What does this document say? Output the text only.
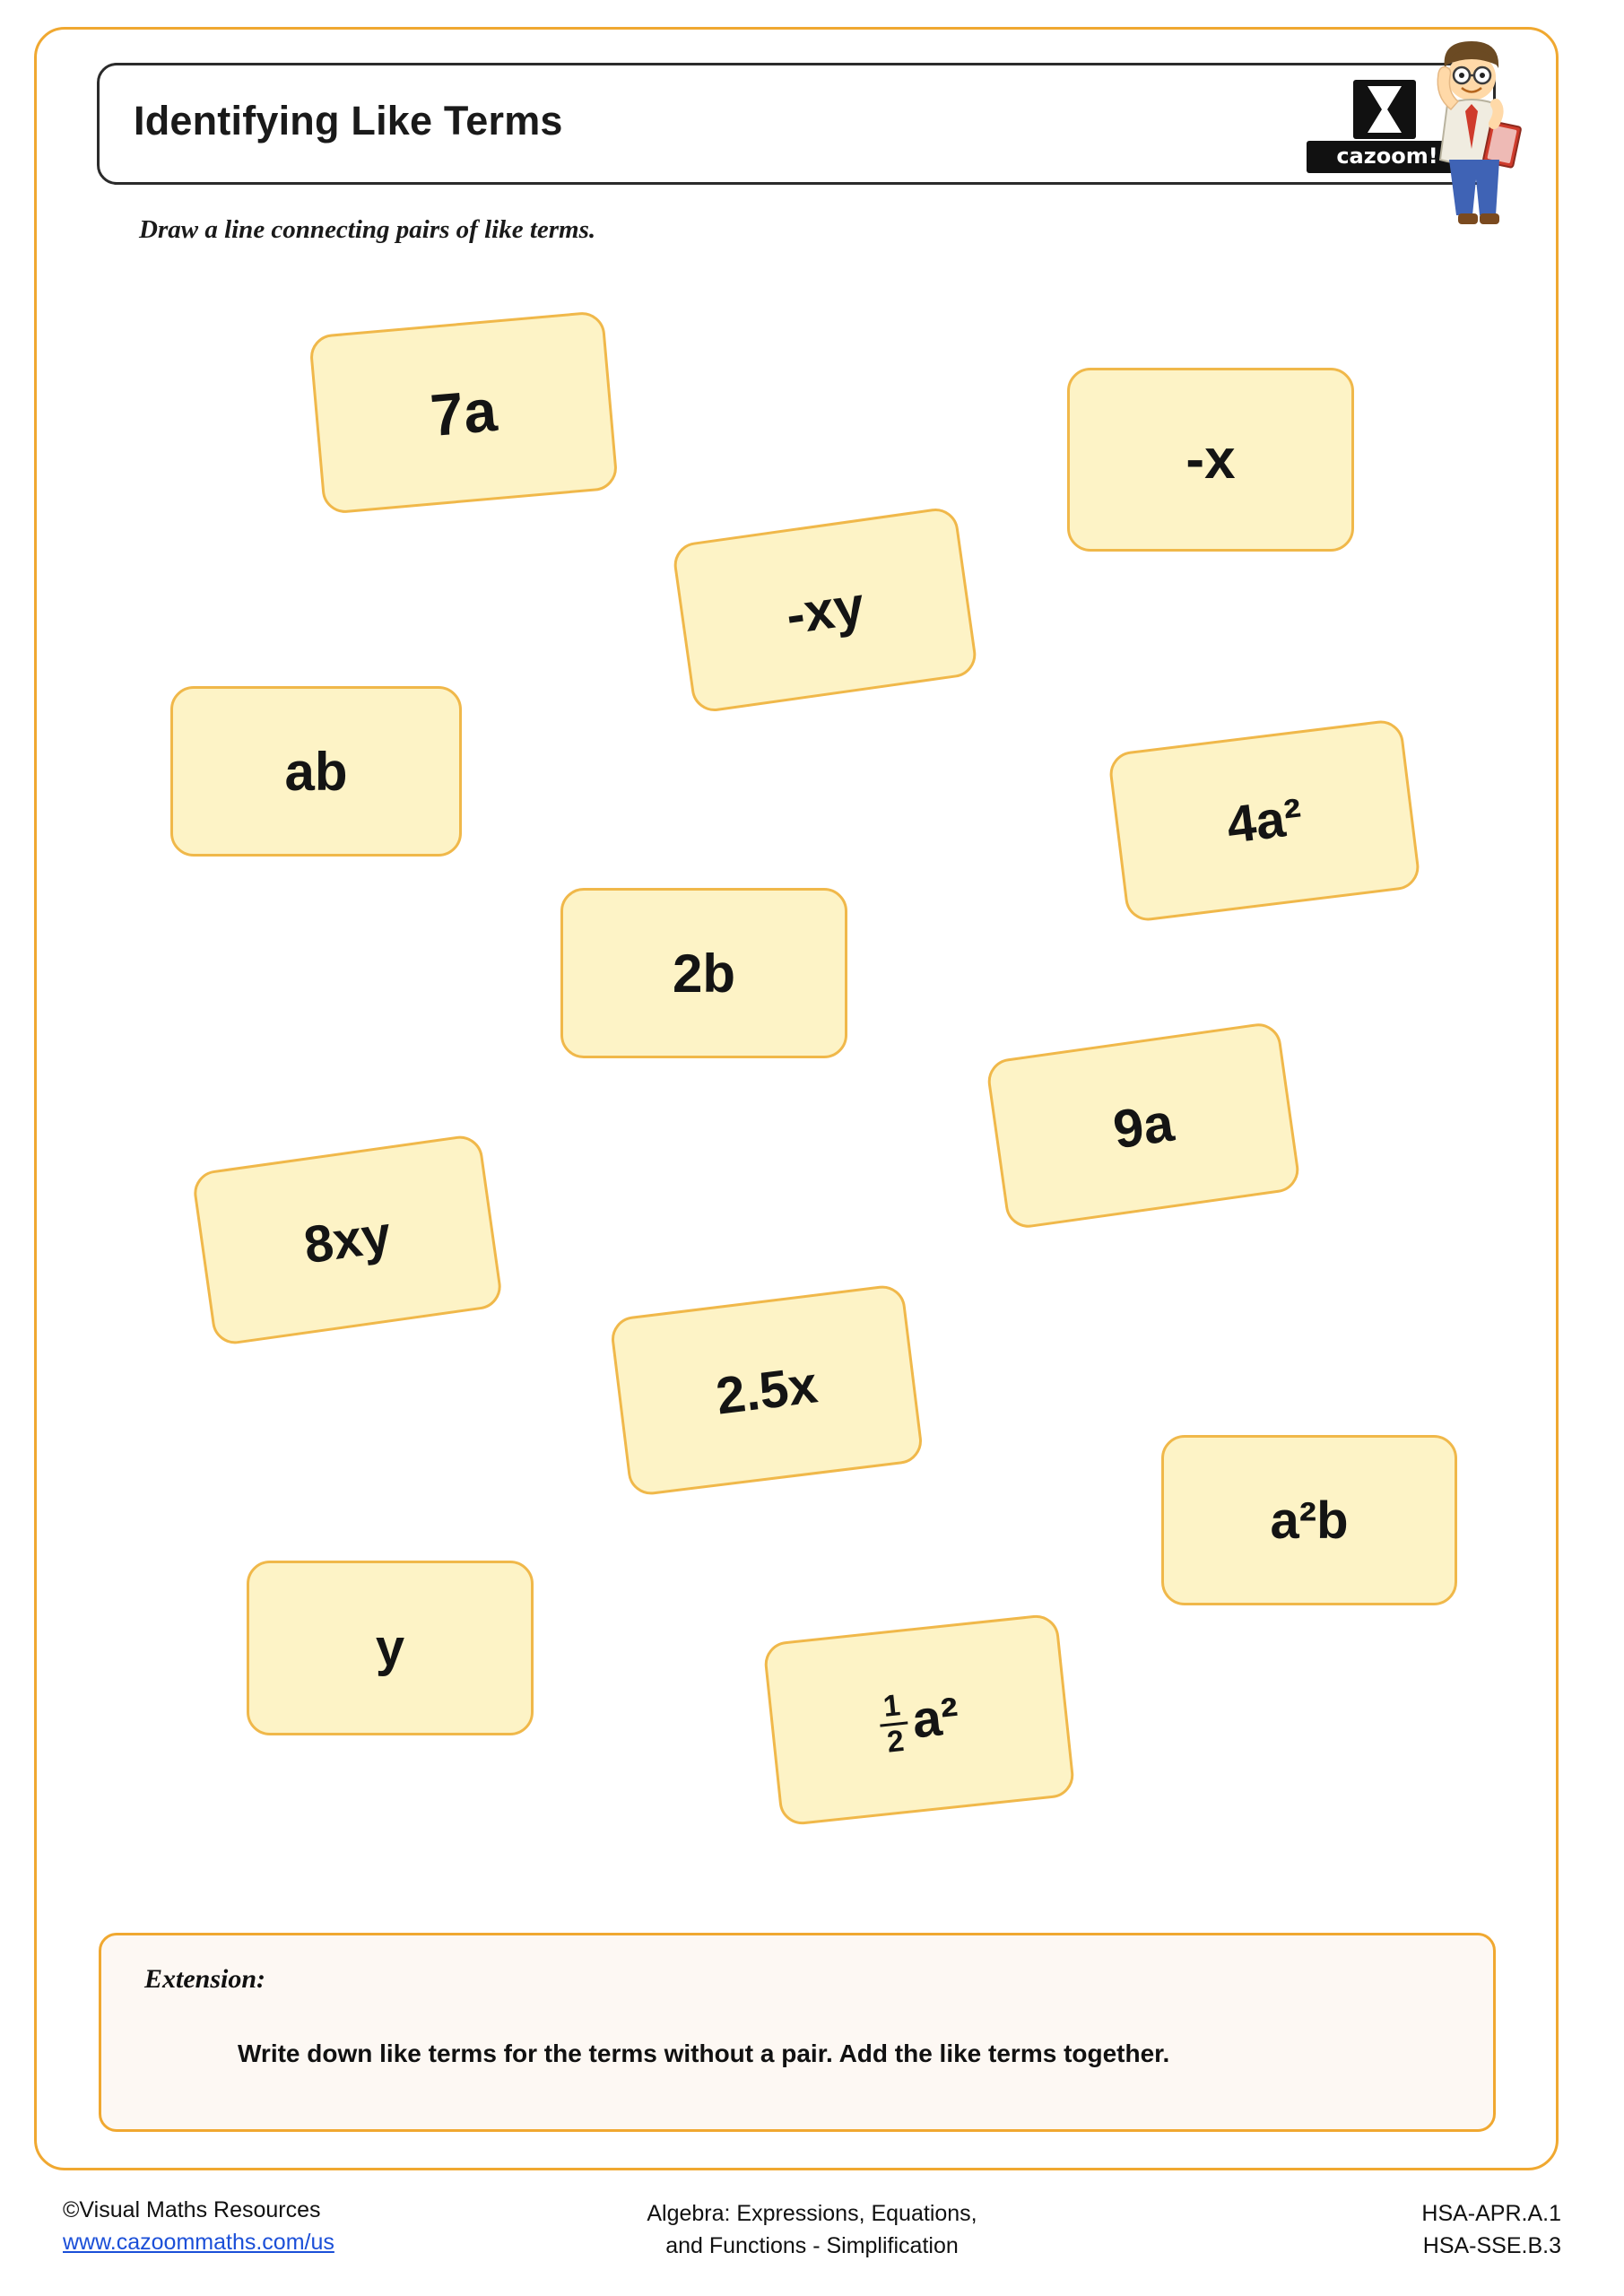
Identifying Like Terms
cazoom!
Draw a line connecting pairs of like terms.
7a
-x
-xy
ab
4a²
2b
9a
8xy
2.5x
a²b
y
$\frac{1}{2}$
a²
Extension:
Write down like terms for the terms without a pair. Add the like terms together.
©Visual Maths Resources
www.cazoommaths.com/us
Algebra: Expressions, Equations,
and Functions - Simplification
HSA-APR.A.1
HSA-SSE.B.3
